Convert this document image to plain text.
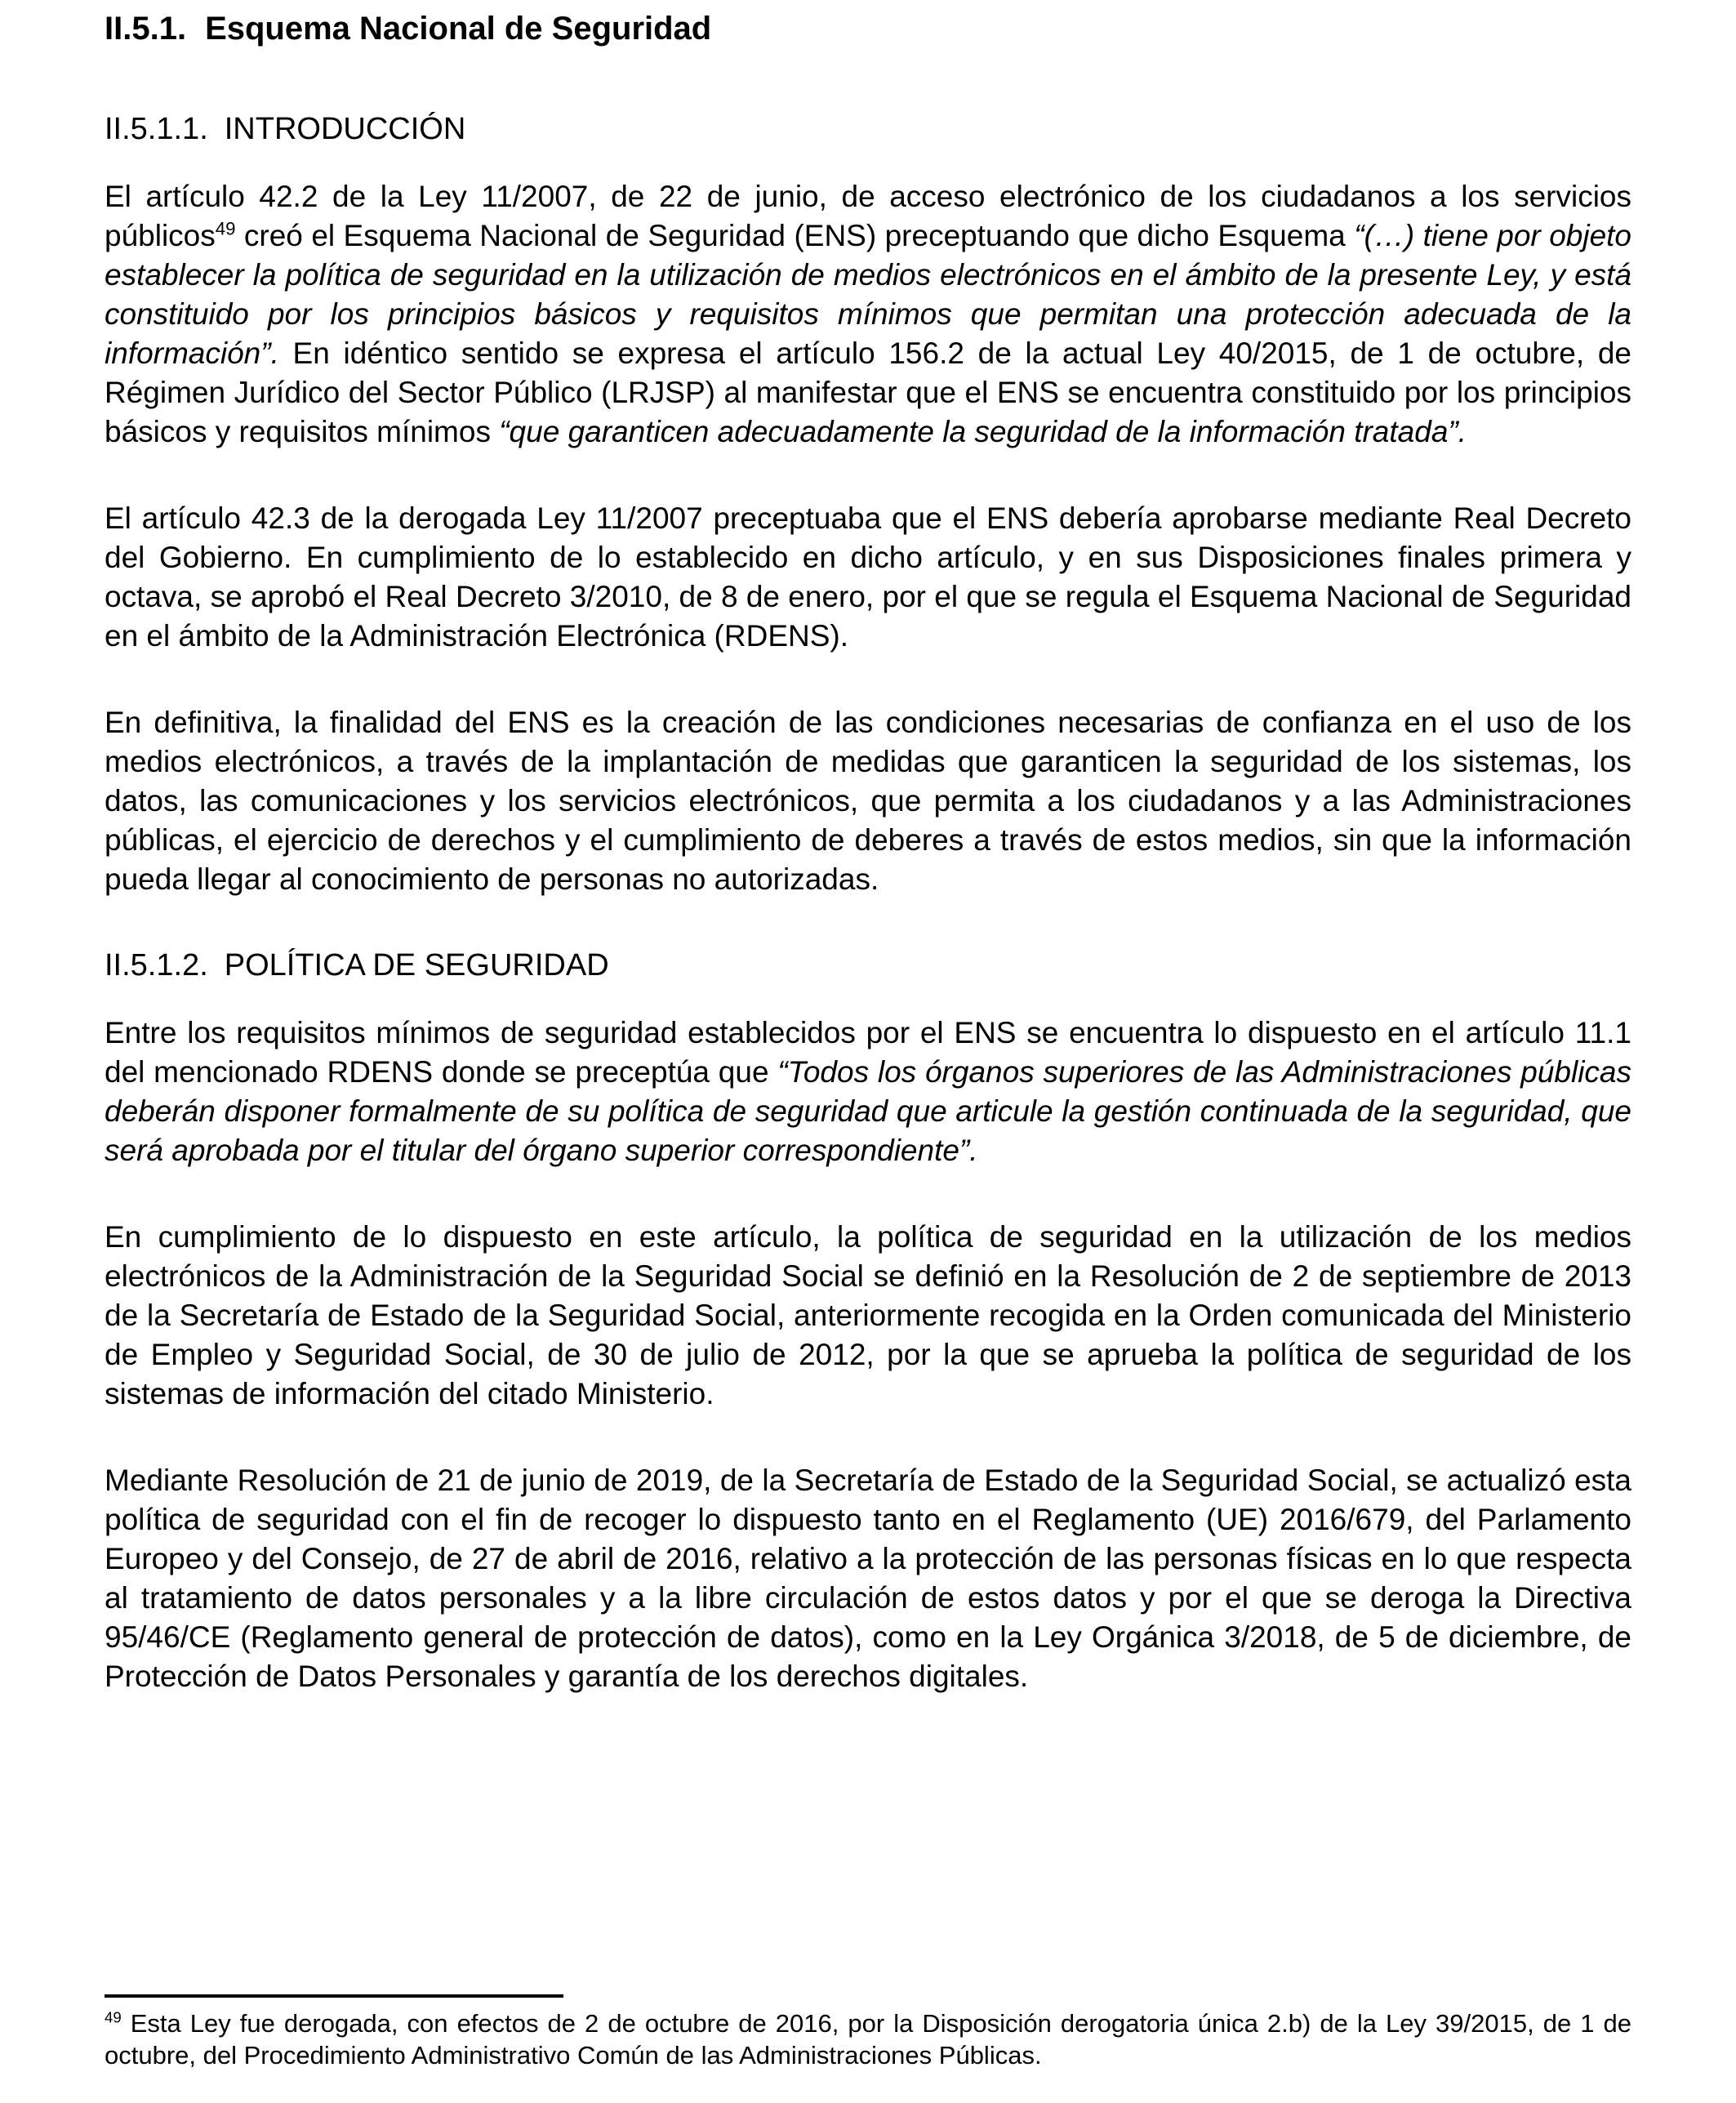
II.5.1. Esquema Nacional de Seguridad
II.5.1.1. INTRODUCCIÓN

El artículo 42.2 de la Ley 11/2007, de 22 de junio, de acceso electrónico de los ciudadanos a los servicios públicos$^{49}$ creó el Esquema Nacional de Seguridad (ENS) preceptuando que dicho Esquema “(…) tiene por objeto establecer la política de seguridad en la utilización de medios electrónicos en el ámbito de la presente Ley, y está constituido por los principios básicos y requisitos mínimos que permitan una protección adecuada de la información”. En idéntico sentido se expresa el artículo 156.2 de la actual Ley 40/2015, de 1 de octubre, de Régimen Jurídico del Sector Público (LRJSP) al manifestar que el ENS se encuentra constituido por los principios básicos y requisitos mínimos “que garanticen adecuadamente la seguridad de la información tratada”.

El artículo 42.3 de la derogada Ley 11/2007 preceptuaba que el ENS debería aprobarse mediante Real Decreto del Gobierno. En cumplimiento de lo establecido en dicho artículo, y en sus Disposiciones finales primera y octava, se aprobó el Real Decreto 3/2010, de 8 de enero, por el que se regula el Esquema Nacional de Seguridad en el ámbito de la Administración Electrónica (RDENS).

En definitiva, la finalidad del ENS es la creación de las condiciones necesarias de confianza en el uso de los medios electrónicos, a través de la implantación de medidas que garanticen la seguridad de los sistemas, los datos, las comunicaciones y los servicios electrónicos, que permita a los ciudadanos y a las Administraciones públicas, el ejercicio de derechos y el cumplimiento de deberes a través de estos medios, sin que la información pueda llegar al conocimiento de personas no autorizadas.

II.5.1.2. POLÍTICA DE SEGURIDAD

Entre los requisitos mínimos de seguridad establecidos por el ENS se encuentra lo dispuesto en el artículo 11.1 del mencionado RDENS donde se preceptúa que “Todos los órganos superiores de las Administraciones públicas deberán disponer formalmente de su política de seguridad que articule la gestión continuada de la seguridad, que será aprobada por el titular del órgano superior correspondiente”.

En cumplimiento de lo dispuesto en este artículo, la política de seguridad en la utilización de los medios electrónicos de la Administración de la Seguridad Social se definió en la Resolución de 2 de septiembre de 2013 de la Secretaría de Estado de la Seguridad Social, anteriormente recogida en la Orden comunicada del Ministerio de Empleo y Seguridad Social, de 30 de julio de 2012, por la que se aprueba la política de seguridad de los sistemas de información del citado Ministerio.

Mediante Resolución de 21 de junio de 2019, de la Secretaría de Estado de la Seguridad Social, se actualizó esta política de seguridad con el fin de recoger lo dispuesto tanto en el Reglamento (UE) 2016/679, del Parlamento Europeo y del Consejo, de 27 de abril de 2016, relativo a la protección de las personas físicas en lo que respecta al tratamiento de datos personales y a la libre circulación de estos datos y por el que se deroga la Directiva 95/46/CE (Reglamento general de protección de datos), como en la Ley Orgánica 3/2018, de 5 de diciembre, de Protección de Datos Personales y garantía de los derechos digitales.

$^{49}$ Esta Ley fue derogada, con efectos de 2 de octubre de 2016, por la Disposición derogatoria única 2.b) de la Ley 39/2015, de 1 de octubre, del Procedimiento Administrativo Común de las Administraciones Públicas.
